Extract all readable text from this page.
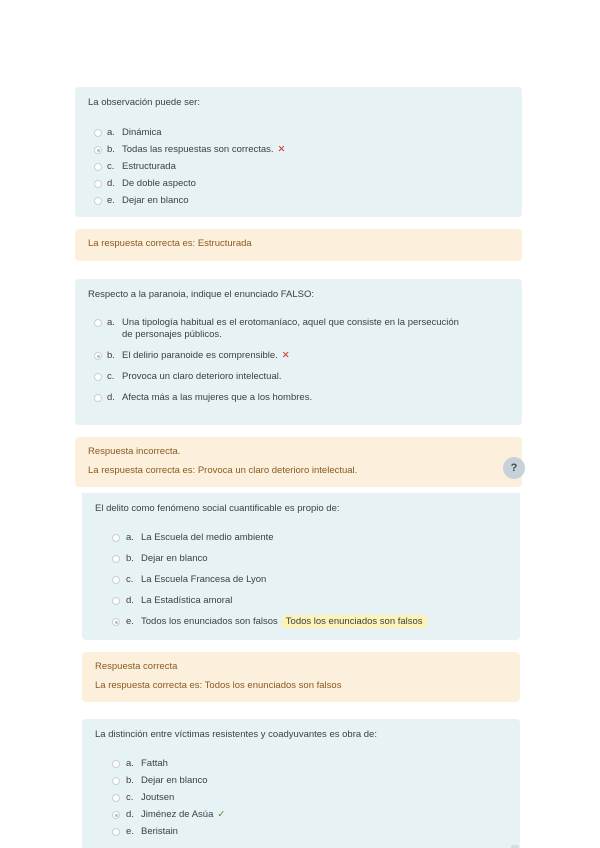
La observación puede ser:
a. Dinámica
b. Todas las respuestas son correctas. ✕
c. Estructurada
d. De doble aspecto
e. Dejar en blanco
La respuesta correcta es: Estructurada
Respecto a la paranoia, indique el enunciado FALSO:
a. Una tipología habitual es el erotomaníaco, aquel que consiste en la persecución de personajes públicos.
b. El delirio paranoide es comprensible. ✕
c. Provoca un claro deterioro intelectual.
d. Afecta más a las mujeres que a los hombres.
Respuesta incorrecta.
La respuesta correcta es: Provoca un claro deterioro intelectual.	?
El delito como fenómeno social cuantificable es propio de:
a. La Escuela del medio ambiente
b. Dejar en blanco
c. La Escuela Francesa de Lyon
d. La Estadística amoral
e. Todos los enunciados son falsos Todos los enunciados son falsos
Respuesta correcta
La respuesta correcta es: Todos los enunciados son falsos
La distinción entre víctimas resistentes y coadyuvantes es obra de:
a. Fattah
b. Dejar en blanco
c. Joutsen
d. Jiménez de Asúa ✓
e. Beristain
